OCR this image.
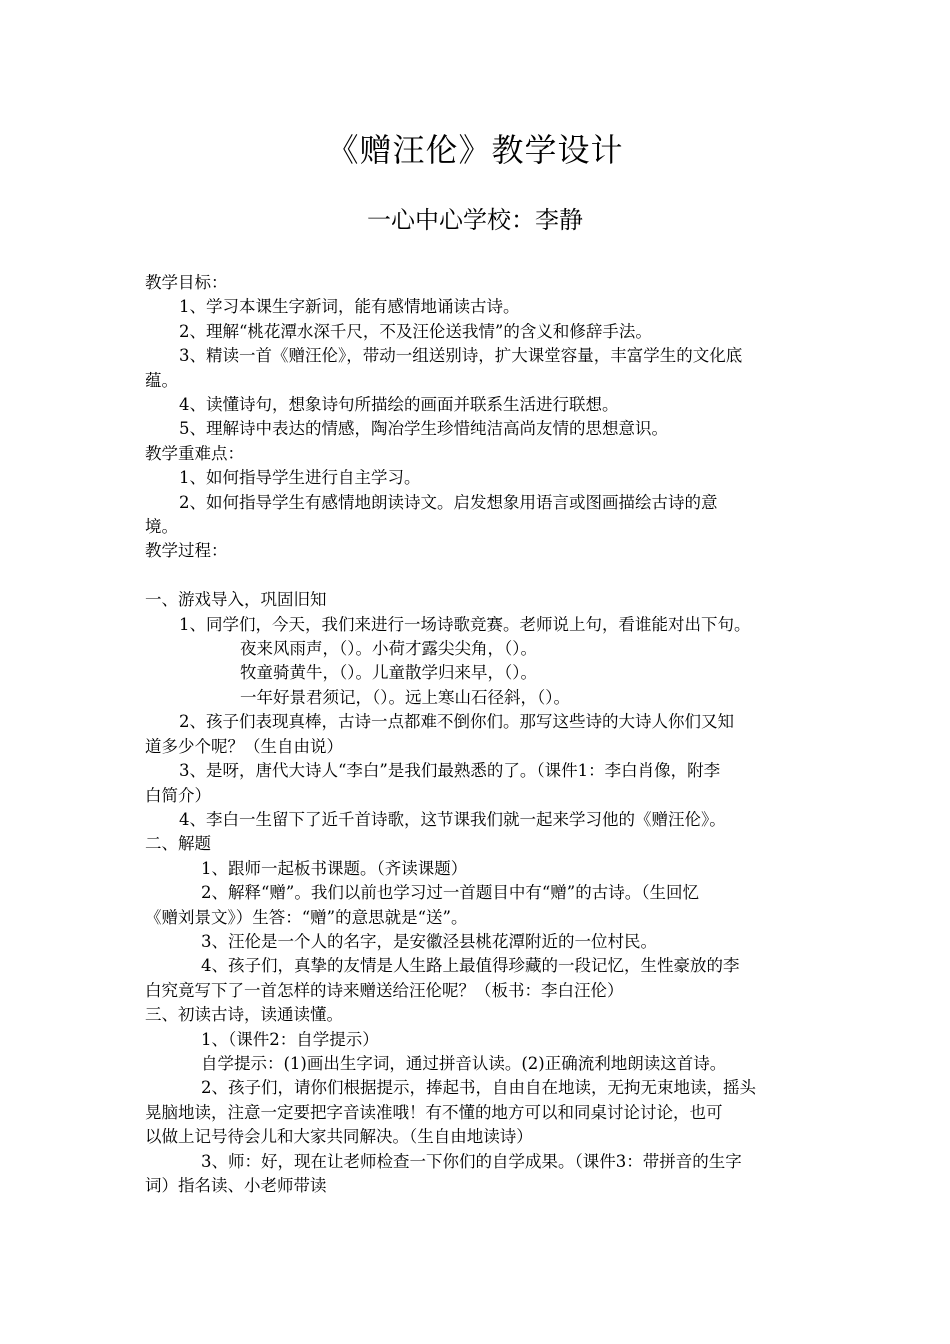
《赠汪伦》教学设计
一心中心学校：李静

教学目标：

1、学习本课生字新词，能有感情地诵读古诗。

2、理解“桃花潭水深千尺，不及汪伦送我情”的含义和修辞手法。

3、精读一首《赠汪伦》，带动一组送别诗，扩大课堂容量，丰富学生的文化底

蕴。

4、读懂诗句，想象诗句所描绘的画面并联系生活进行联想。

5、理解诗中表达的情感，陶冶学生珍惜纯洁高尚友情的思想意识。

教学重难点：

1、如何指导学生进行自主学习。

2、如何指导学生有感情地朗读诗文。启发想象用语言或图画描绘古诗的意

境。

教学过程：

一、游戏导入，巩固旧知

1、同学们，今天，我们来进行一场诗歌竞赛。老师说上句，看谁能对出下句。

夜来风雨声，（）。小荷才露尖尖角，（）。

牧童骑黄牛，（）。儿童散学归来早，（）。

一年好景君须记，（）。远上寒山石径斜，（）。

2、孩子们表现真棒，古诗一点都难不倒你们。那写这些诗的大诗人你们又知

道多少个呢？（生自由说）

3、是呀，唐代大诗人“李白”是我们最熟悉的了。（课件1：李白肖像，附李

白简介）

4、李白一生留下了近千首诗歌，这节课我们就一起来学习他的《赠汪伦》。

二、解题

1、跟师一起板书课题。（齐读课题）

2、解释“赠”。我们以前也学习过一首题目中有“赠”的古诗。（生回忆

《赠刘景文》）生答：“赠”的意思就是“送”。

3、汪伦是一个人的名字，是安徽泾县桃花潭附近的一位村民。

4、孩子们，真挚的友情是人生路上最值得珍藏的一段记忆，生性豪放的李

白究竟写下了一首怎样的诗来赠送给汪伦呢？（板书：李白汪伦）

三、初读古诗，读通读懂。

1、（课件2：自学提示）

自学提示：(1)画出生字词，通过拼音认读。(2)正确流利地朗读这首诗。

2、孩子们，请你们根据提示，捧起书，自由自在地读，无拘无束地读，摇头

晃脑地读，注意一定要把字音读准哦！有不懂的地方可以和同桌讨论讨论，也可

以做上记号待会儿和大家共同解决。（生自由地读诗）

3、师：好，现在让老师检查一下你们的自学成果。（课件3：带拼音的生字

词）指名读、小老师带读
